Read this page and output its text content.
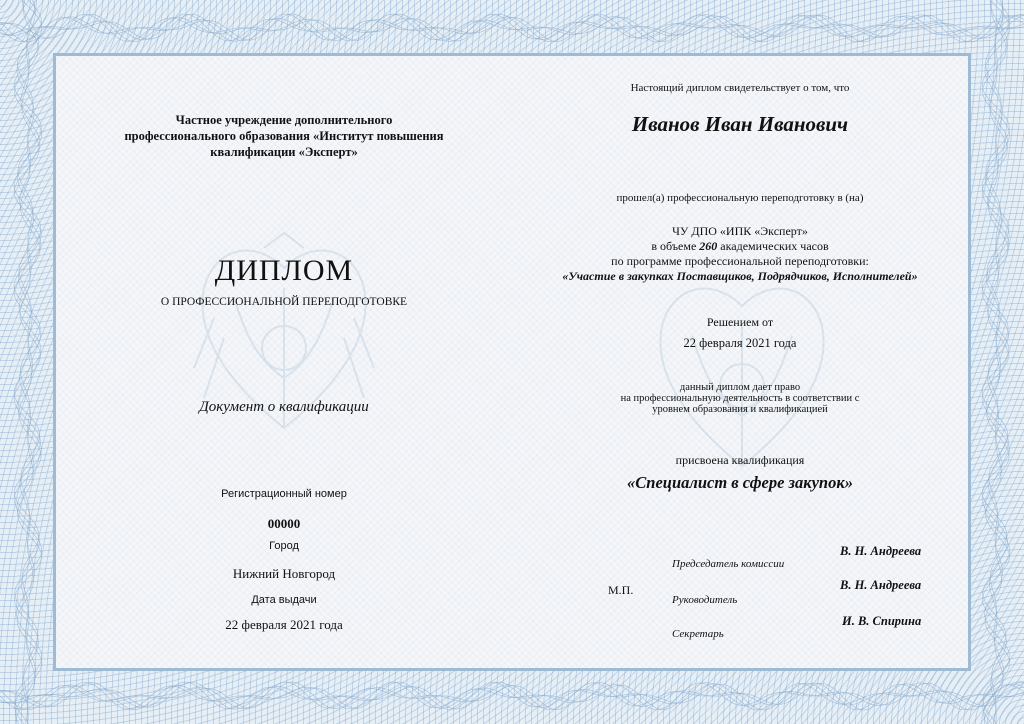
Частное учреждение дополнительного
профессионального образования «Институт повышения
квалификации «Эксперт»
ДИПЛОМ
О ПРОФЕССИОНАЛЬНОЙ ПЕРЕПОДГОТОВКЕ
Документ о квалификации
Регистрационный номер
00000
Город
Нижний Новгород
Дата выдачи
22 февраля 2021 года
Настоящий диплом свидетельствует о том, что
Иванов Иван Иванович
прошел(а) профессиональную переподготовку в (на)
ЧУ ДПО «ИПК «Эксперт»
в объеме 260 академических часов
по программе профессиональной переподготовки:
«Участие в закупках Поставщиков, Подрядчиков, Исполнителей»
Решением от
22 февраля 2021 года
данный диплом дает право
на профессиональную деятельность в соответствии с
уровнем образования и квалификацией
присвоена квалификация
«Специалист в сфере закупок»
М.П.
В. Н. Андреева
Председатель комиссии
В. Н. Андреева
Руководитель
И. В. Спирина
Секретарь
